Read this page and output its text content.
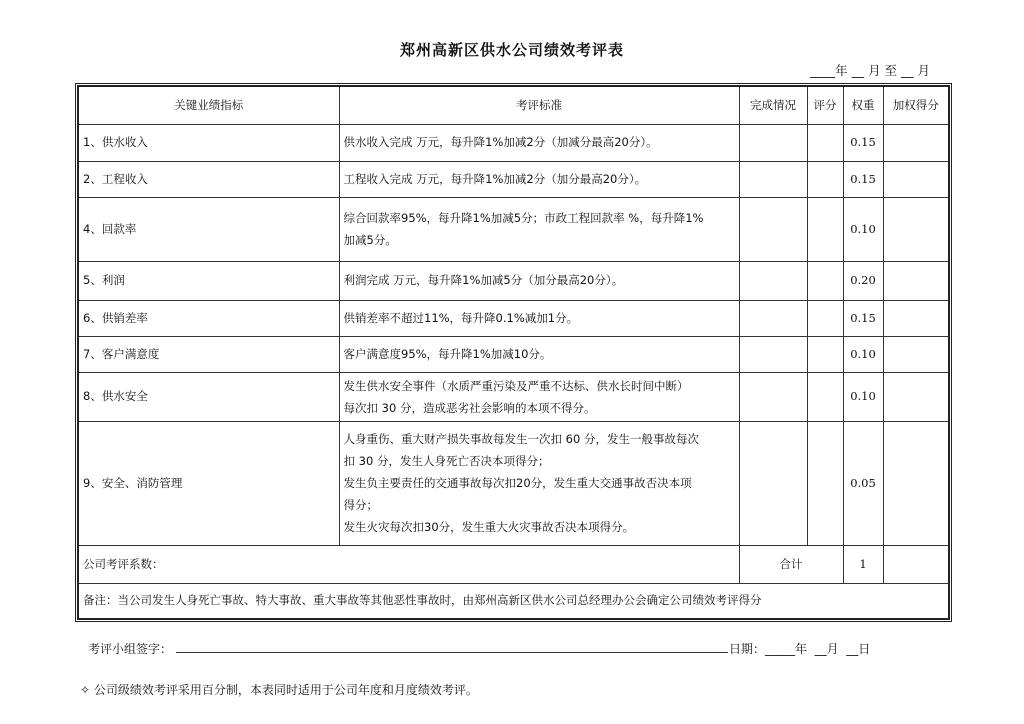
郑州高新区供水公司绩效考评表
____年 __ 月 至 __ 月
关键业绩指标	考评标准	完成情况	评分	权重	加权得分
1、供水收入	供水收入完成 万元，每升降1%加减2分（加减分最高20分）。			0.15	
2、工程收入	工程收入完成 万元，每升降1%加减2分（加分最高20分）。			0.15	
4、回款率	综合回款率95%，每升降1%加减5分；市政工程回款率 %，每升降1%
加减5分。			0.10	
5、利润	利润完成 万元，每升降1%加减5分（加分最高20分）。			0.20	
6、供销差率	供销差率不超过11%，每升降0.1%减加1分。			0.15	
7、客户满意度	客户满意度95%，每升降1%加减10分。			0.10	
8、供水安全	发生供水安全事件（水质严重污染及严重不达标、供水长时间中断）
每次扣 30 分，造成恶劣社会影响的本项不得分。			0.10	
9、安全、消防管理	人身重伤、重大财产损失事故每发生一次扣 60 分，发生一般事故每次
扣 30 分，发生人身死亡否决本项得分；
发生负主要责任的交通事故每次扣20分，发生重大交通事故否决本项
得分；
发生火灾每次扣30分，发生重大火灾事故否决本项得分。			0.05	
公司考评系数：		合计		1	
备注：当公司发生人身死亡事故、特大事故、重大事故等其他恶性事故时，由郑州高新区供水公司总经理办公会确定公司绩效考评得分					
考评小组签字：	日期：_____年  __月  __日
✧ 公司级绩效考评采用百分制，本表同时适用于公司年度和月度绩效考评。
